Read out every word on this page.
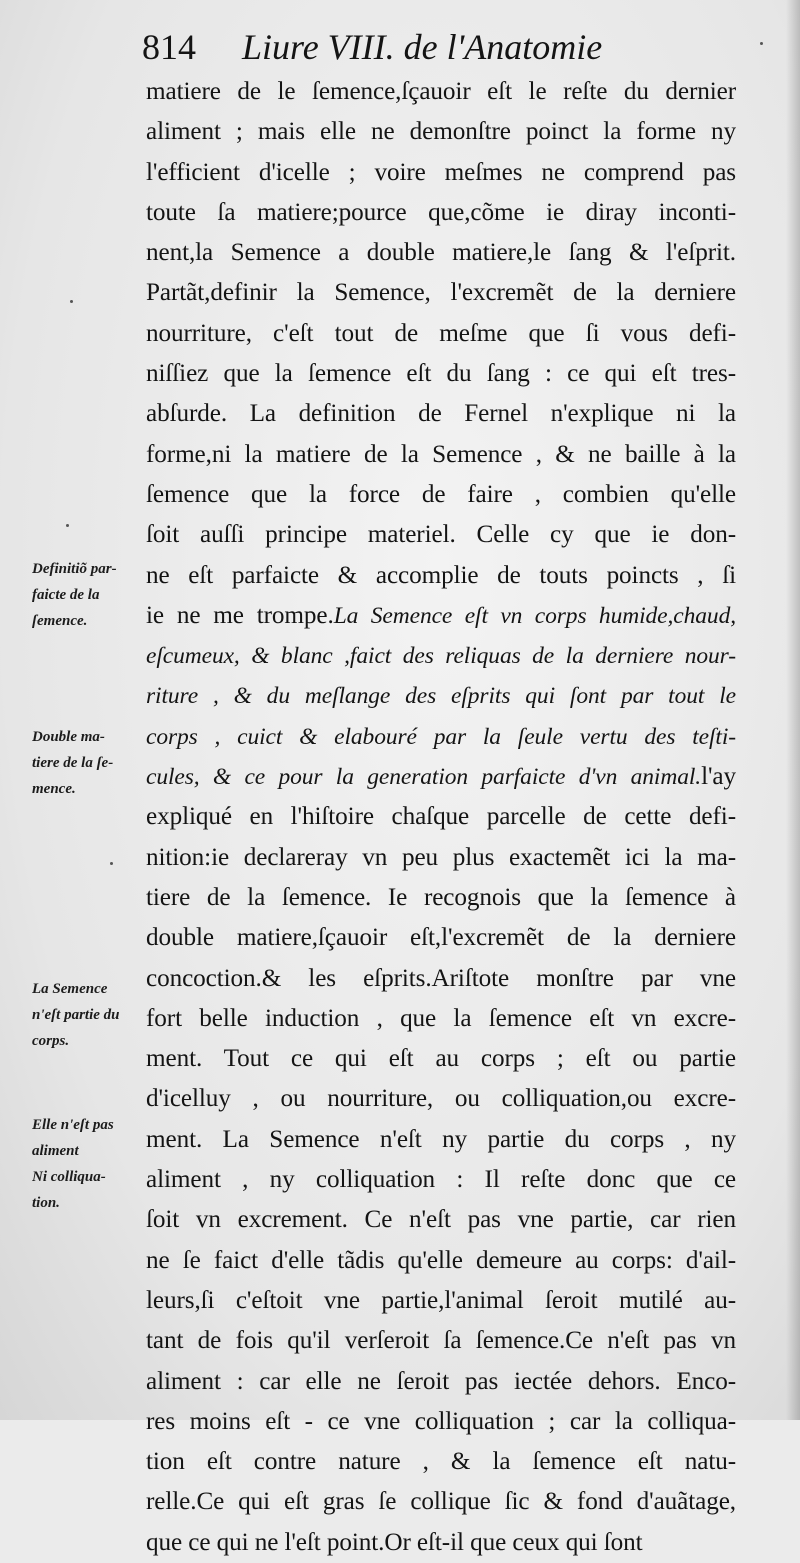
814 Liure VIII. de l'Anatomie
matiere de le ſemence,ſçauoir eſt le reſte du dernier
aliment ; mais elle ne demonſtre poinct la forme ny
l'efficient d'icelle ; voire meſmes ne comprend pas
toute ſa matiere;pource que,cõme ie diray inconti-
nent,la Semence a double matiere,le ſang & l'eſprit.
Partãt,definir la Semence, l'excremẽt de la derniere
nourriture, c'eſt tout de meſme que ſi vous defi-
niſſiez que la ſemence eſt du ſang : ce qui eſt tres-
abſurde. La definition de Fernel n'explique ni la
forme,ni la matiere de la Semence , & ne baille à la
ſemence que la force de faire , combien qu'elle
ſoit auſſi principe materiel. Celle cy que ie don-
ne eſt parfaicte & accomplie de touts poincts , ſi
ie ne me trompe.La Semence eſt vn corps humide,chaud,
eſcumeux, & blanc ,faict des reliquas de la derniere nour-
riture , & du meſlange des eſprits qui ſont par tout le
corps , cuict & elabouré par la ſeule vertu des teſti-
cules, & ce pour la generation parfaicte d'vn animal.l'ay
expliqué en l'hiſtoire chaſque parcelle de cette defi-
nition:ie declareray vn peu plus exactemẽt ici la ma-
tiere de la ſemence. Ie recognois que la ſemence à
double matiere,ſçauoir eſt,l'excremẽt de la derniere
concoction.& les eſprits.Ariſtote monſtre par vne
fort belle induction , que la ſemence eſt vn excre-
ment. Tout ce qui eſt au corps ; eſt ou partie
d'icelluy , ou nourriture, ou colliquation,ou excre-
ment. La Semence n'eſt ny partie du corps , ny
aliment , ny colliquation : Il reſte donc que ce
ſoit vn excrement. Ce n'eſt pas vne partie, car rien
ne ſe faict d'elle tãdis qu'elle demeure au corps: d'ail-
leurs,ſi c'eſtoit vne partie,l'animal ſeroit mutilé au-
tant de fois qu'il verſeroit ſa ſemence.Ce n'eſt pas vn
aliment : car elle ne ſeroit pas iectée dehors. Enco-
res moins eſt - ce vne colliquation ; car la colliqua-
tion eſt contre nature , & la ſemence eſt natu-
relle.Ce qui eſt gras ſe collique ſic & fond d'auãtage,
que ce qui ne l'eſt point.Or eſt-il que ceux qui ſont
Definitiõ par-
faicte de la
ſemence.
Double ma-
tiere de la ſe-
mence.
La Semence
n'eſt partie du
corps.
Elle n'eſt pas
aliment
Ni colliqua-
tion.
